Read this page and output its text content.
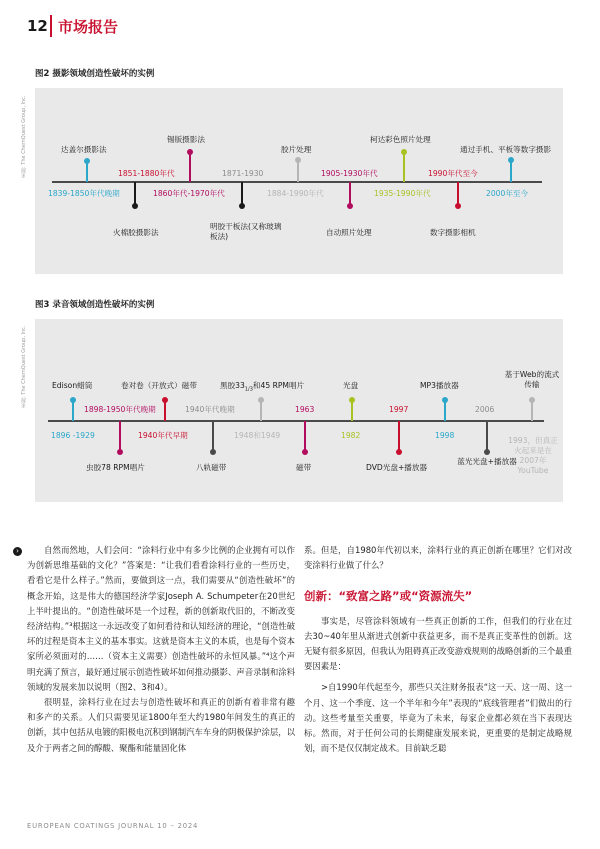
12 市场报告
图2 摄影领域创造性破坏的实例
来源: The ChemQuest Group, Inc.	达盖尔摄影法
1839-1850年代晚期
1851-1880年代
火棉胶摄影法
锡版摄影法
1860年代-1970年代
1871-1930
明胶干板法(又称玻璃板法)
胶片处理
1884-1990年代
1905-1930年代
自动照片处理
柯达彩色照片处理
1935-1990年代
1990年代至今
数字摄影相机
通过手机、平板等数字摄影
2000年至今
图3 录音领域创造性破坏的实例
来源: The ChemQuest Group, Inc.	Edison蜡筒
1896 -1929
1898-1950年代晚期
虫胶78 RPM唱片
卷对卷（开放式）磁带
1940年代早期
1940年代晚期
八轨磁带
黑胶$33_{1/3}$和45 RPM唱片
1948和1949
1963
磁带
光盘
1982
1997
DVD光盘+播放器
MP3播放器
1998
2006
蓝光光盘+播放器
基于Web的流式传输
1993，但真正火起来是在2007年YouTube
›	自然而然地，人们会问：“涂料行业中有多少比例的企业拥有可以作为创新思维基础的文化？”答案是：“让我们看看涂料行业的一些历史，看看它是什么样子。”然而，要做到这一点，我们需要从“创造性破坏”的概念开始，这是伟大的德国经济学家Joseph A. Schumpeter在20世纪上半叶提出的。“创造性破坏是一个过程，新的创新取代旧的，不断改变经济结构。”³根据这一永远改变了如何看待和认知经济的理论，“创造性破坏的过程是资本主义的基本事实。这就是资本主义的本质，也是每个资本家所必须面对的……（资本主义需要）创造性破坏的永恒风暴。”⁴这个声明充满了预言，最好通过展示创造性破坏如何推动摄影、声音录制和涂料领域的发展来加以说明（图2、3和4）。

很明显，涂料行业在过去与创造性破坏和真正的创新有着非常有趣和多产的关系。人们只需要见证1800年至大约1980年间发生的真正的创新，其中包括从电镀的阳极电沉积到钢制汽车车身的阴极保护涂层，以及介于两者之间的醇酸、聚酯和能量固化体

系。但是，自1980年代初以来，涂料行业的真正创新在哪里？它们对改变涂料行业做了什么？

创新：“致富之路”或“资源流失”

事实是，尽管涂料领域有一些真正创新的工作，但我们的行业在过去30~40年里从渐进式创新中获益更多，而不是真正变革性的创新。这无疑有很多原因，但我认为阻碍真正改变游戏规则的战略创新的三个最重要因素是：

>自1990年代起至今，那些只关注财务报表“这一天、这一周、这一个月、这一个季度、这一个半年和今年”表现的“底线管理者”们做出的行动。这些考量至关重要，毕竟为了未来，每家企业都必须在当下表现达标。然而，对于任何公司的长期健康发展来说，更重要的是制定战略规划，而不是仅仅制定战术。目前缺乏聪

EUROPEAN COATINGS JOURNAL 10 – 2024
